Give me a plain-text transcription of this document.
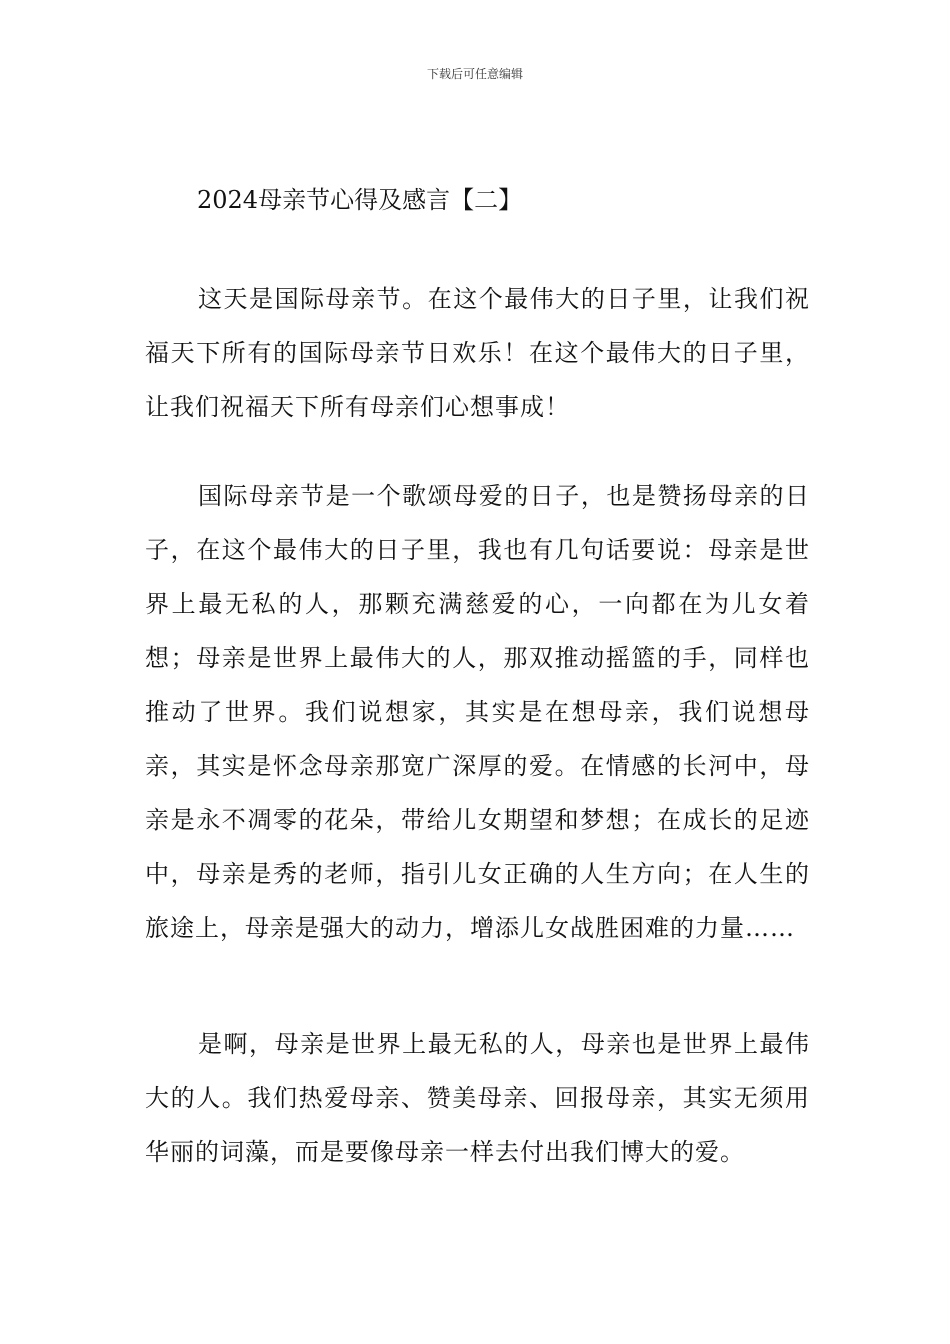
下载后可任意编辑
2024母亲节心得及感言【二】

这天是国际母亲节。在这个最伟大的日子里，让我们祝福天下所有的国际母亲节日欢乐！在这个最伟大的日子里，让我们祝福天下所有母亲们心想事成！

国际母亲节是一个歌颂母爱的日子，也是赞扬母亲的日子，在这个最伟大的日子里，我也有几句话要说：母亲是世界上最无私的人，那颗充满慈爱的心，一向都在为儿女着想；母亲是世界上最伟大的人，那双推动摇篮的手，同样也推动了世界。我们说想家，其实是在想母亲，我们说想母亲，其实是怀念母亲那宽广深厚的爱。在情感的长河中，母亲是永不凋零的花朵，带给儿女期望和梦想；在成长的足迹中，母亲是秀的老师，指引儿女正确的人生方向；在人生的旅途上，母亲是强大的动力，增添儿女战胜困难的力量……

是啊，母亲是世界上最无私的人，母亲也是世界上最伟大的人。我们热爱母亲、赞美母亲、回报母亲，其实无须用华丽的词藻，而是要像母亲一样去付出我们博大的爱。
